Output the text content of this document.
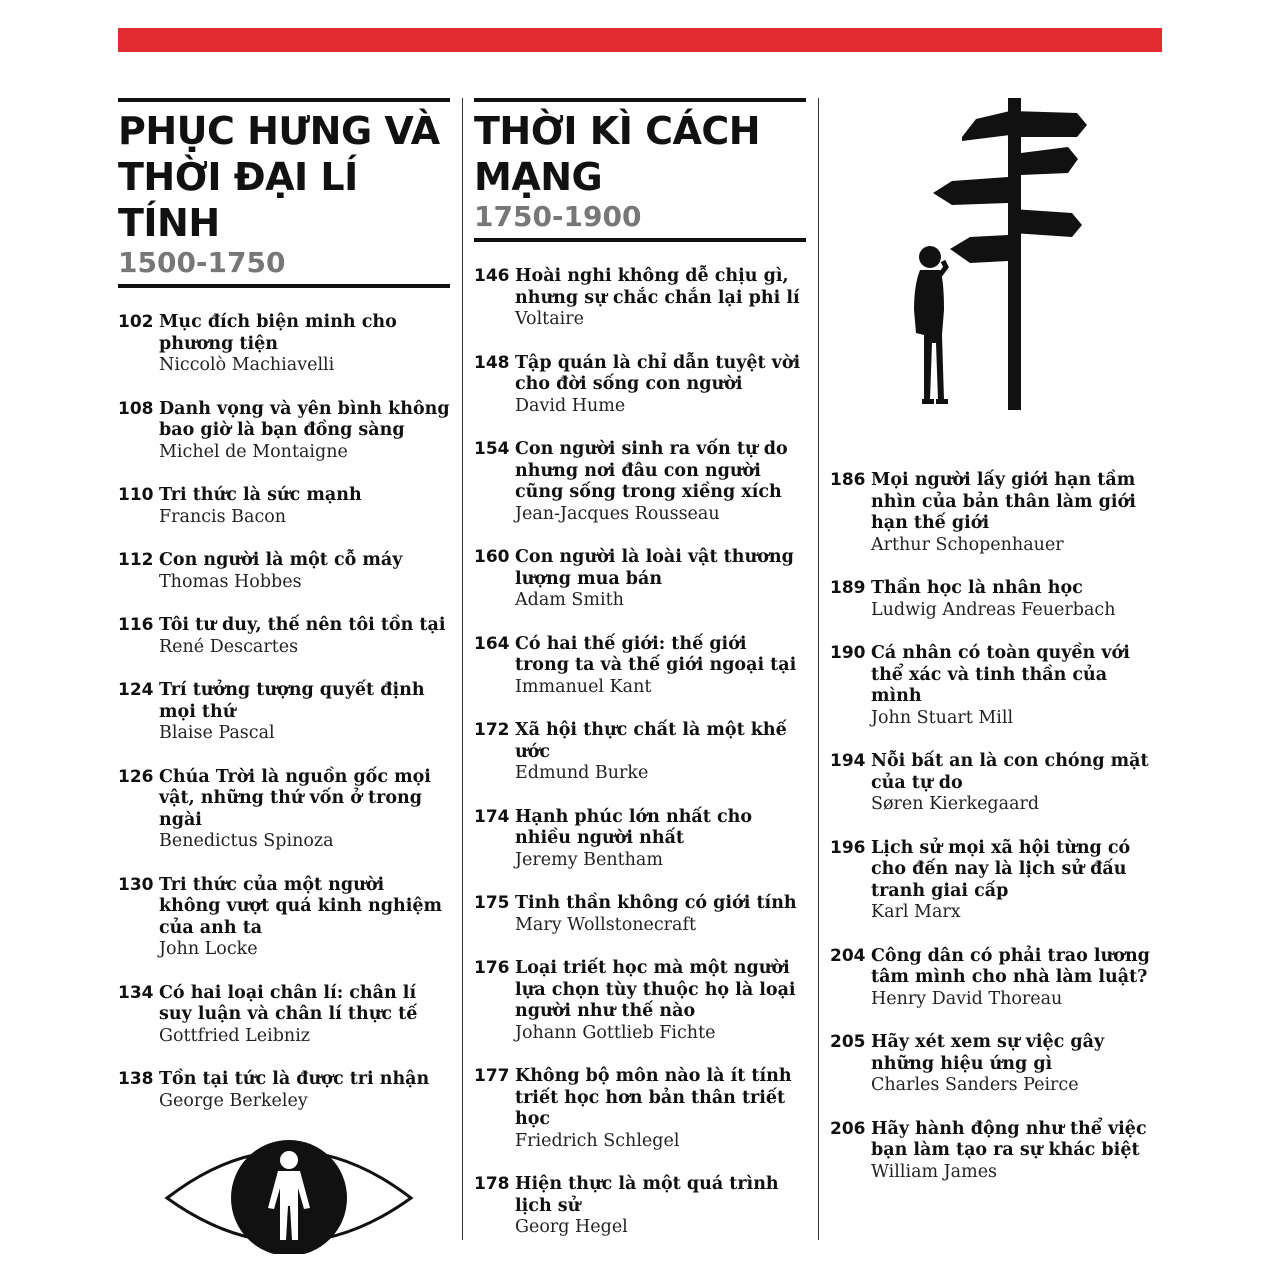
PHỤC HƯNG VÀ
THỜI ĐẠI LÍ TÍNH
1500-1750
102 Mục đích biện minh cho phương tiện
Niccolò Machiavelli
108 Danh vọng và yên bình không bao giờ là bạn đồng sàng
Michel de Montaigne
110 Tri thức là sức mạnh
Francis Bacon
112 Con người là một cỗ máy
Thomas Hobbes
116 Tôi tư duy, thế nên tôi tồn tại
René Descartes
124 Trí tưởng tượng quyết định mọi thứ
Blaise Pascal
126 Chúa Trời là nguồn gốc mọi vật, những thứ vốn ở trong ngài
Benedictus Spinoza
130 Tri thức của một người không vượt quá kinh nghiệm của anh ta
John Locke
134 Có hai loại chân lí: chân lí suy luận và chân lí thực tế
Gottfried Leibniz
138 Tồn tại tức là được tri nhận
George Berkeley
THỜI KÌ CÁCH
MẠNG
1750-1900
146 Hoài nghi không dễ chịu gì, nhưng sự chắc chắn lại phi lí
Voltaire
148 Tập quán là chỉ dẫn tuyệt vời cho đời sống con người
David Hume
154 Con người sinh ra vốn tự do nhưng nơi đâu con người cũng sống trong xiềng xích
Jean-Jacques Rousseau
160 Con người là loài vật thương lượng mua bán
Adam Smith
164 Có hai thế giới: thế giới trong ta và thế giới ngoại tại
Immanuel Kant
172 Xã hội thực chất là một khế ước
Edmund Burke
174 Hạnh phúc lớn nhất cho nhiều người nhất
Jeremy Bentham
175 Tinh thần không có giới tính
Mary Wollstonecraft
176 Loại triết học mà một người lựa chọn tùy thuộc họ là loại người như thế nào
Johann Gottlieb Fichte
177 Không bộ môn nào là ít tính triết học hơn bản thân triết học
Friedrich Schlegel
178 Hiện thực là một quá trình lịch sử
Georg Hegel
186 Mọi người lấy giới hạn tầm nhìn của bản thân làm giới hạn thế giới
Arthur Schopenhauer
189 Thần học là nhân học
Ludwig Andreas Feuerbach
190 Cá nhân có toàn quyền với thể xác và tinh thần của mình
John Stuart Mill
194 Nỗi bất an là con chóng mặt của tự do
Søren Kierkegaard
196 Lịch sử mọi xã hội từng có cho đến nay là lịch sử đấu tranh giai cấp
Karl Marx
204 Công dân có phải trao lương tâm mình cho nhà làm luật?
Henry David Thoreau
205 Hãy xét xem sự việc gây những hiệu ứng gì
Charles Sanders Peirce
206 Hãy hành động như thể việc bạn làm tạo ra sự khác biệt
William James
